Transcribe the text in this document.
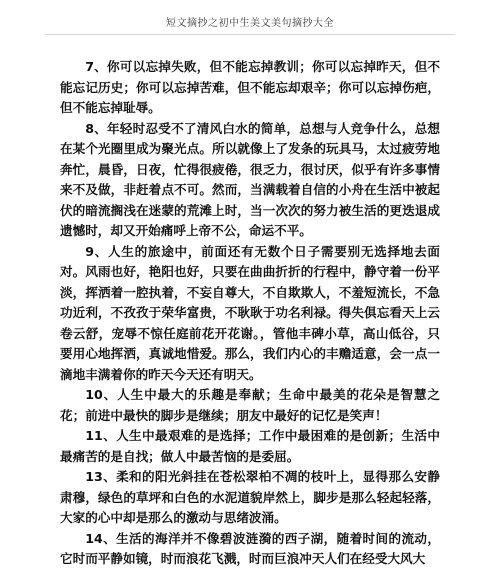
短文摘抄之初中生美文美句摘抄大全

7、你可以忘掉失败，但不能忘掉教训；你可以忘掉昨天，但不能忘记历史；你可以忘掉苦难，但不能忘却艰辛；你可以忘掉伤疤，但不能忘掉耻辱。

8、年轻时忍受不了清风白水的简单，总想与人竞争什么，总想在某个光圈里成为聚光点。所以就像上了发条的玩具马，太过疲劳地奔忙，晨昏，日夜，忙得很疲倦，很乏力，很讨厌，似乎有许多事情来不及做，非赶着点不可。然而，当满载着自信的小舟在生活中被起伏的暗流搁浅在迷蒙的荒滩上时，当一次次的努力被生活的更迭退成遗憾时，却又开始痛呼上帝不公，命运不平。

9、人生的旅途中，前面还有无数个日子需要别无选择地去面对。风雨也好，艳阳也好，只要在曲曲折折的行程中，静守着一份平淡，挥洒着一腔执着，不妄自尊大，不自欺欺人，不羞短流长，不急功近利，不孜孜于荣华富贵，不耿耿于功名利禄。得失俱忘看天上云卷云舒，宠辱不惊任庭前花开花谢。，管他丰碑小草，高山低谷，只要用心地挥洒，真诚地惜爱。那么，我们内心的丰赡适意，会一点一滴地丰满着你的昨天今天还有明天。

10、人生中最大的乐趣是奉献；生命中最美的花朵是智慧之花；前进中最快的脚步是继续；朋友中最好的记忆是笑声！

11、人生中最艰难的是选择；工作中最困难的是创新；生活中最痛苦的是自找；做人中最苦恼的是委屈。

13、柔和的阳光斜挂在苍松翠柏不凋的枝叶上，显得那么安静肃穆，绿色的草坪和白色的水泥道貌岸然上，脚步是那么轻起轻落，大家的心中却是那么的激动与思绪波涌。

14、生活的海洋并不像碧波涟漪的西子湖，随着时间的流动，它时而平静如镜，时而浪花飞溅，时而巨浪冲天人们在经受大风大
